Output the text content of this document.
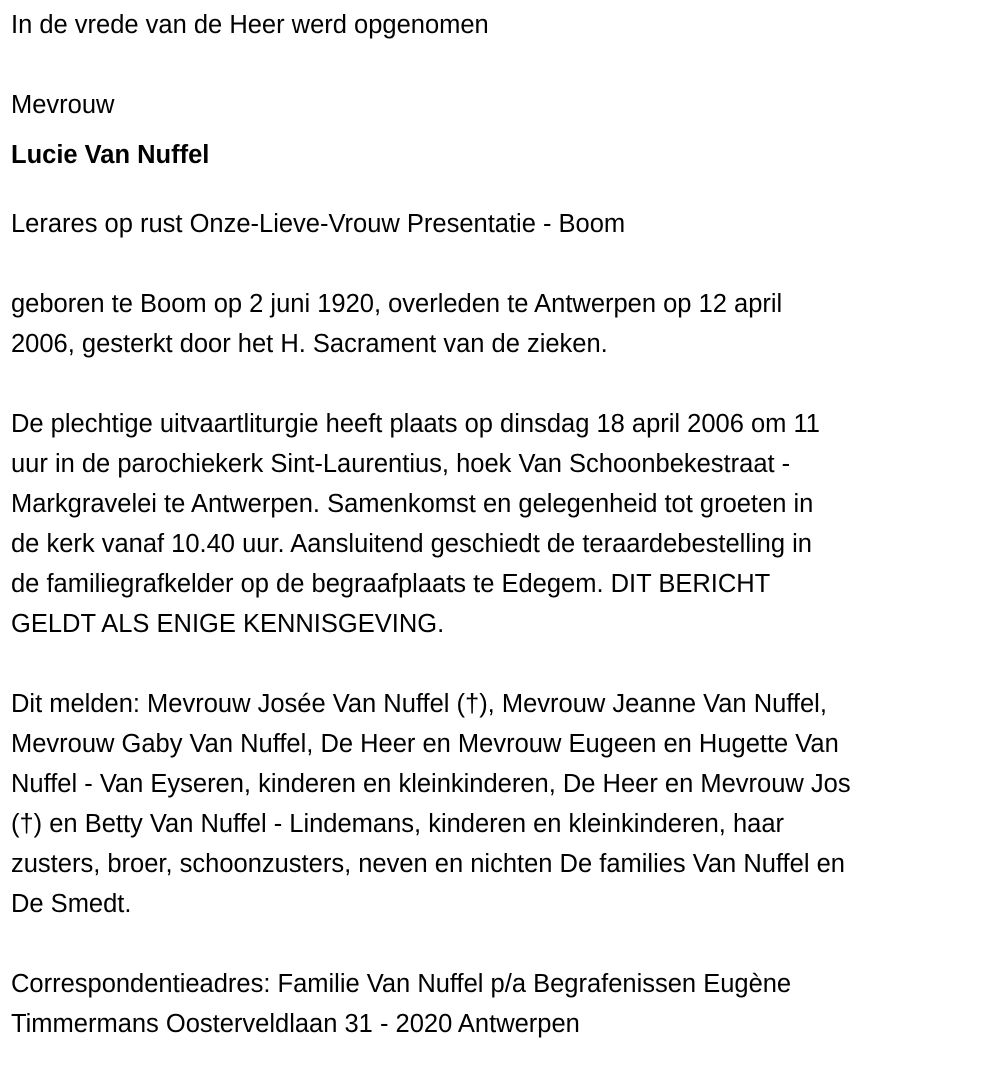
In de vrede van de Heer werd opgenomen
Mevrouw
Lucie Van Nuffel
Lerares op rust Onze-Lieve-Vrouw Presentatie - Boom
geboren te Boom op 2 juni 1920, overleden te Antwerpen op 12 april
2006, gesterkt door het H. Sacrament van de zieken.
De plechtige uitvaartliturgie heeft plaats op dinsdag 18 april 2006 om 11
uur in de parochiekerk Sint-Laurentius, hoek Van Schoonbekestraat -
Markgravelei te Antwerpen. Samenkomst en gelegenheid tot groeten in
de kerk vanaf 10.40 uur. Aansluitend geschiedt de teraardebestelling in
de familiegrafkelder op de begraafplaats te Edegem. DIT BERICHT
GELDT ALS ENIGE KENNISGEVING.
Dit melden: Mevrouw Josée Van Nuffel (†), Mevrouw Jeanne Van Nuffel,
Mevrouw Gaby Van Nuffel, De Heer en Mevrouw Eugeen en Hugette Van
Nuffel - Van Eyseren, kinderen en kleinkinderen, De Heer en Mevrouw Jos
(†) en Betty Van Nuffel - Lindemans, kinderen en kleinkinderen, haar
zusters, broer, schoonzusters, neven en nichten De families Van Nuffel en
De Smedt.
Correspondentieadres: Familie Van Nuffel p/a Begrafenissen Eugène
Timmermans Oosterveldlaan 31 - 2020 Antwerpen
